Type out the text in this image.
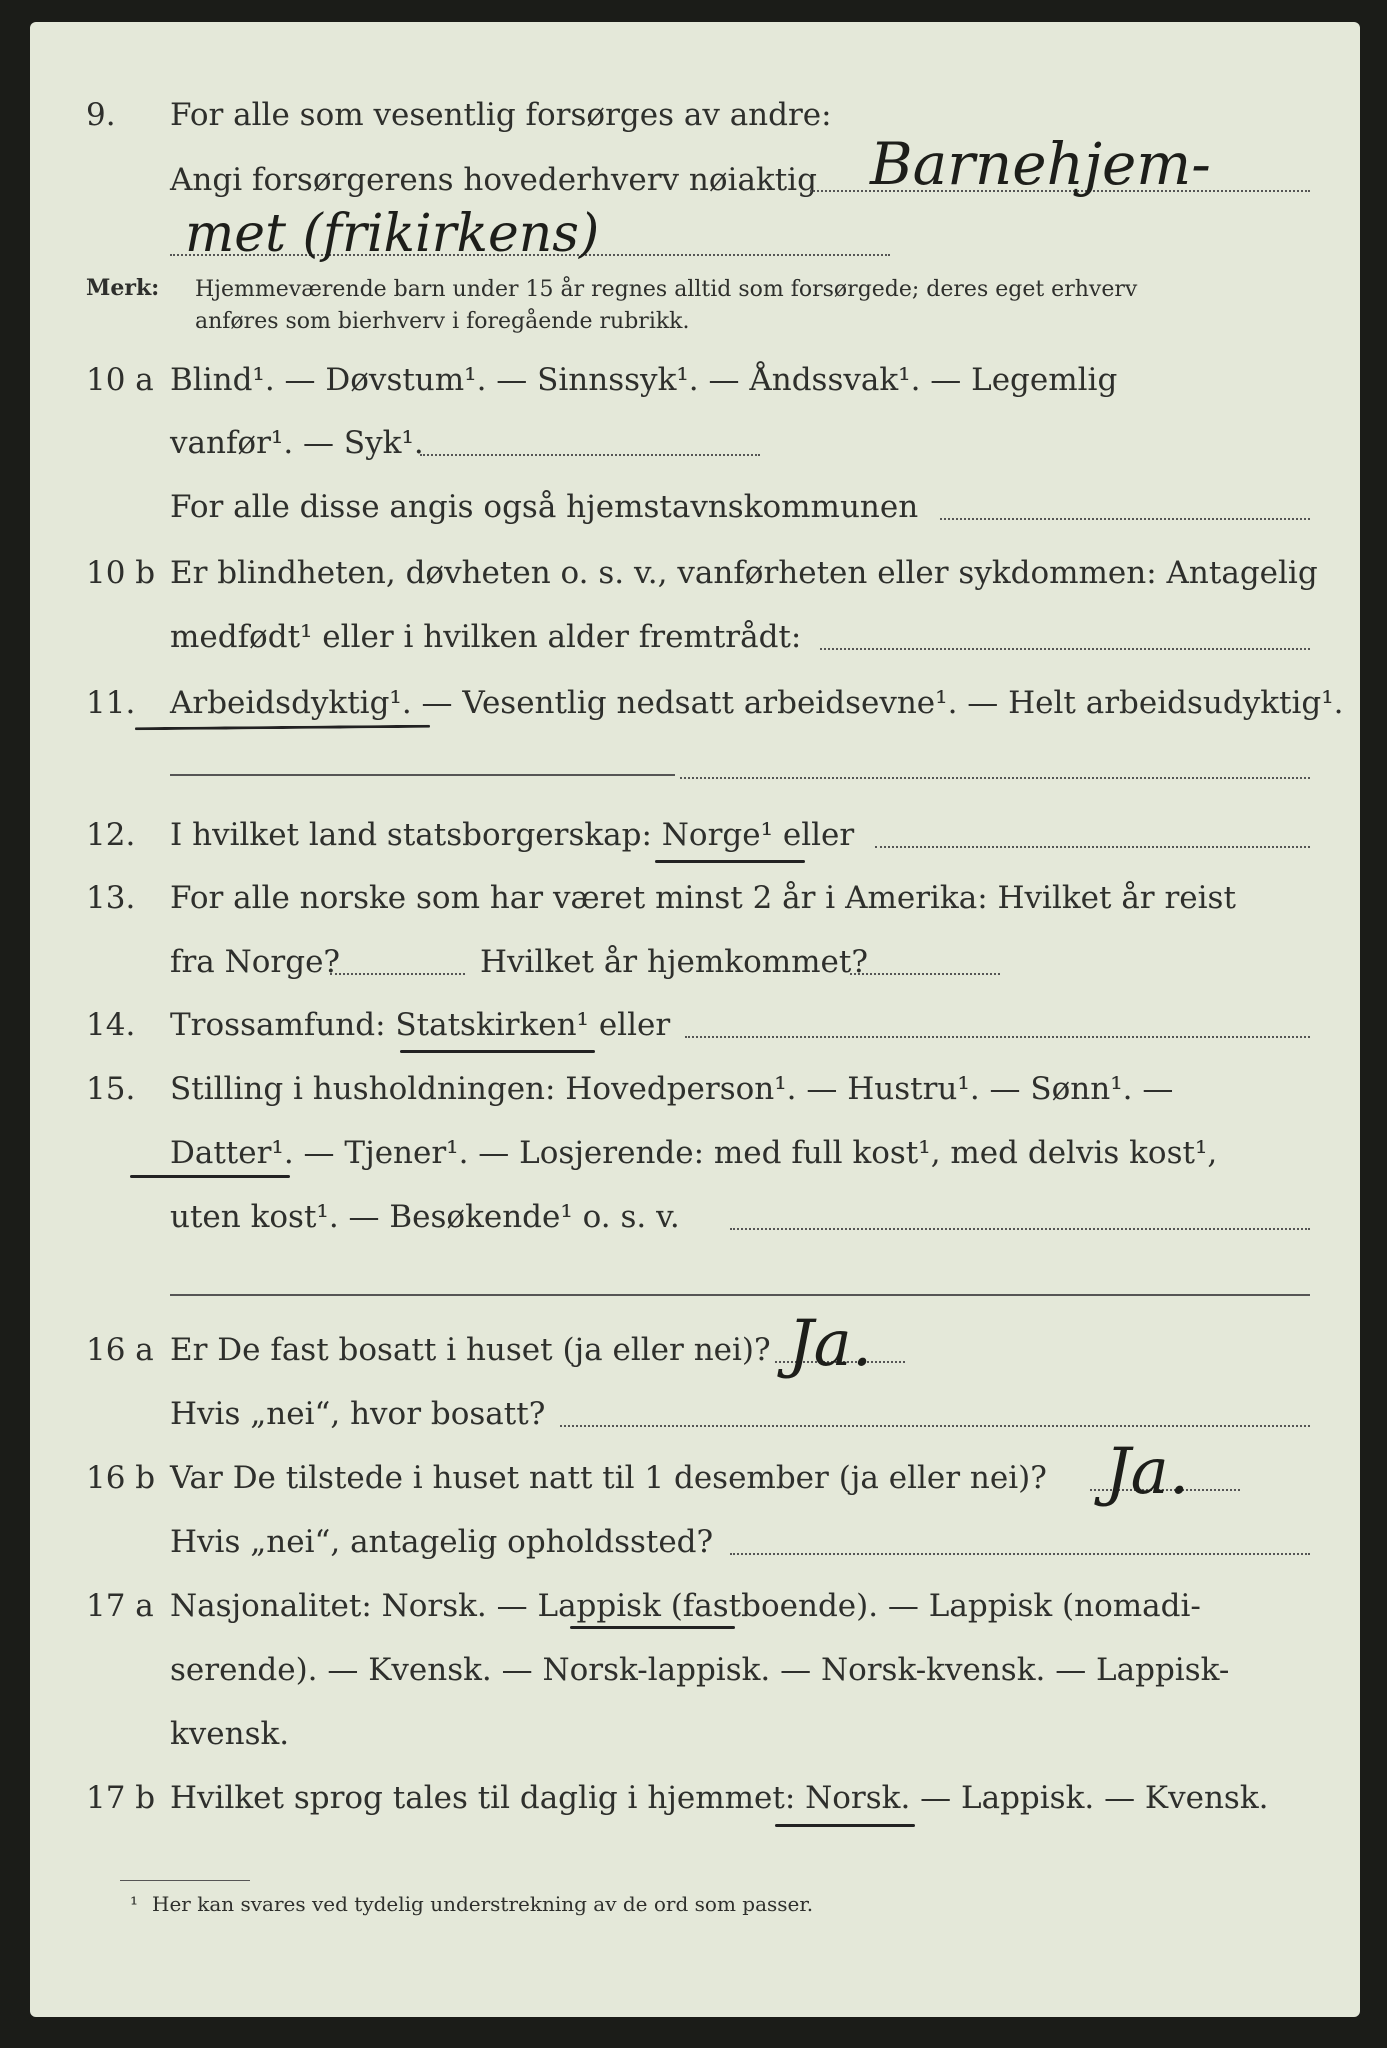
9. For alle som vesentlig forsørges av andre:
Angi forsørgerens hovederhverv nøiaktig Barnehjem-
met (frikirkens)
Merk: Hjemmeværende barn under 15 år regnes alltid som forsørgede; deres eget erhverv
anføres som bierhverv i foregående rubrikk.
10 a Blind¹. — Døvstum¹. — Sinnssyk¹. — Åndssvak¹. — Legemlig
vanfør¹. — Syk¹.
For alle disse angis også hjemstavnskommunen
10 b Er blindheten, døvheten o. s. v., vanførheten eller sykdommen: Antagelig
medfødt¹ eller i hvilken alder fremtrådt:
11. Arbeidsdyktig¹. — Vesentlig nedsatt arbeidsevne¹. — Helt arbeidsudyktig¹.
12. I hvilket land statsborgerskap: Norge¹ eller
13. For alle norske som har været minst 2 år i Amerika: Hvilket år reist
fra Norge?	Hvilket år hjemkommet?
14. Trossamfund: Statskirken¹ eller
15. Stilling i husholdningen: Hovedperson¹. — Hustru¹. — Sønn¹. —
Datter¹. — Tjener¹. — Losjerende: med full kost¹, med delvis kost¹,
uten kost¹. — Besøkende¹ o. s. v.
16 a Er De fast bosatt i huset (ja eller nei)? Ja.
Hvis „nei“, hvor bosatt?
16 b Var De tilstede i huset natt til 1 desember (ja eller nei)? Ja.
Hvis „nei“, antagelig opholdssted?
17 a Nasjonalitet: Norsk. — Lappisk (fastboende). — Lappisk (nomadi-
serende). — Kvensk. — Norsk-lappisk. — Norsk-kvensk. — Lappisk-
kvensk.
17 b Hvilket sprog tales til daglig i hjemmet: Norsk. — Lappisk. — Kvensk.
¹ Her kan svares ved tydelig understrekning av de ord som passer.
